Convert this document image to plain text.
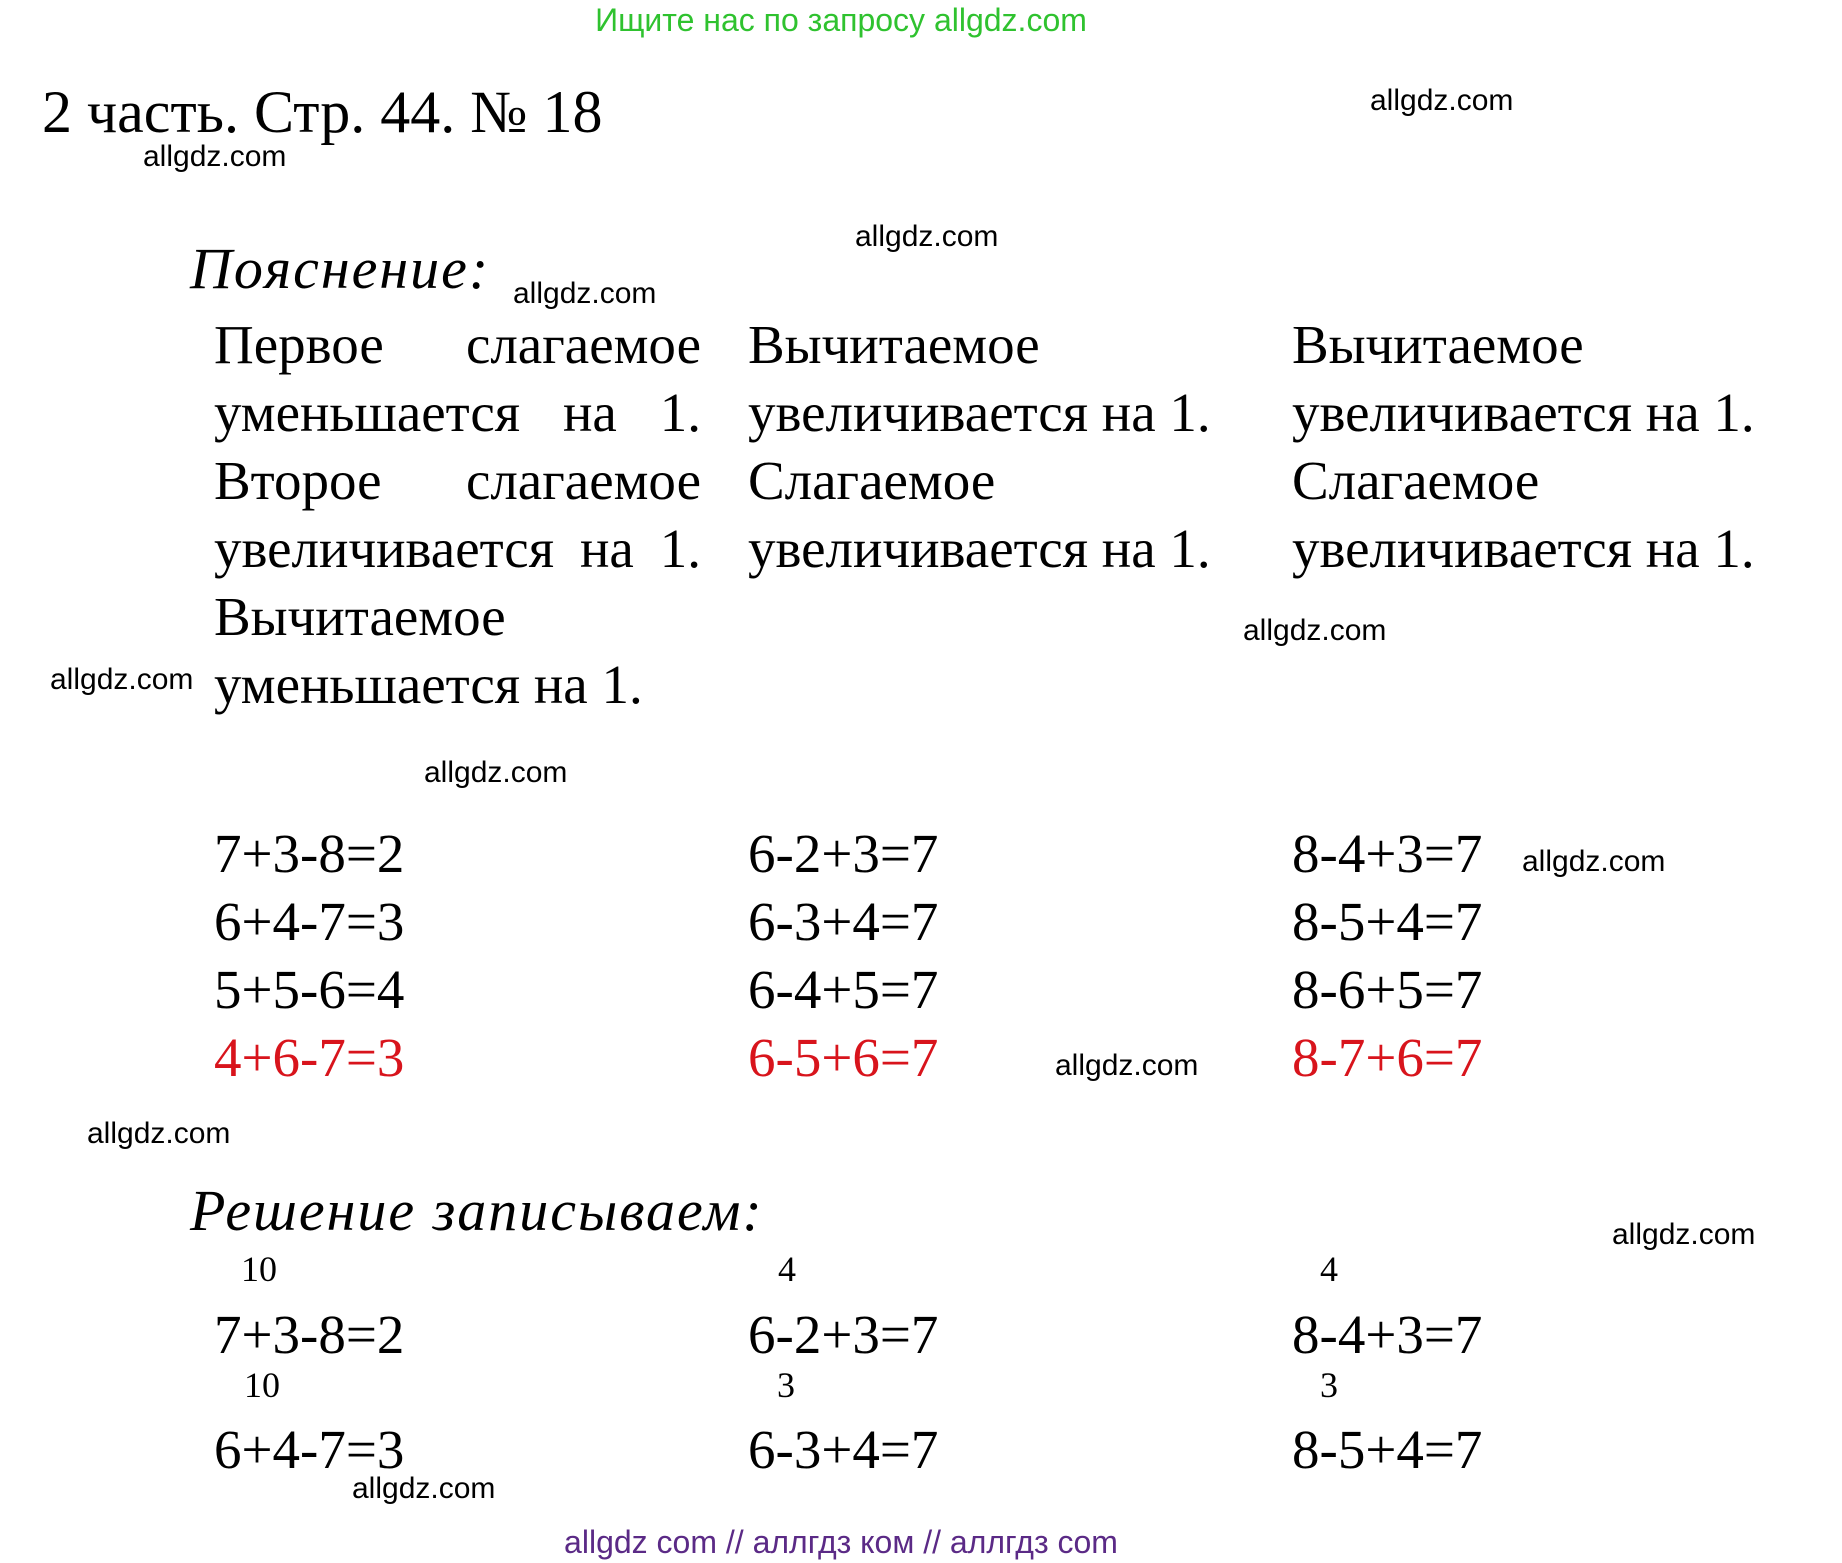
Ищите нас по запросу allgdz.com
2 часть. Стр. 44. № 18
Пояснение:
Первое слагаемое уменьшается на 1. Второе слагаемое увеличивается на 1. Вычитаемое уменьшается на 1.
Вычитаемое увеличивается на 1. Слагаемое увеличивается на 1.
Вычитаемое увеличивается на 1. Слагаемое увеличивается на 1.
7+3-8=2
6+4-7=3
5+5-6=4
4+6-7=3
6-2+3=7
6-3+4=7
6-4+5=7
6-5+6=7
8-4+3=7
8-5+4=7
8-6+5=7
8-7+6=7
Решение записываем:
10
7+3-8=2
10
6+4-7=3
4
6-2+3=7
3
6-3+4=7
4
8-4+3=7
3
8-5+4=7
allgdz.com
allgdz.com
allgdz.com
allgdz.com
allgdz.com
allgdz.com
allgdz.com
allgdz.com
allgdz.com
allgdz.com
allgdz.com
allgdz.com
allgdz com // аллгдз ком // аллгдз com
